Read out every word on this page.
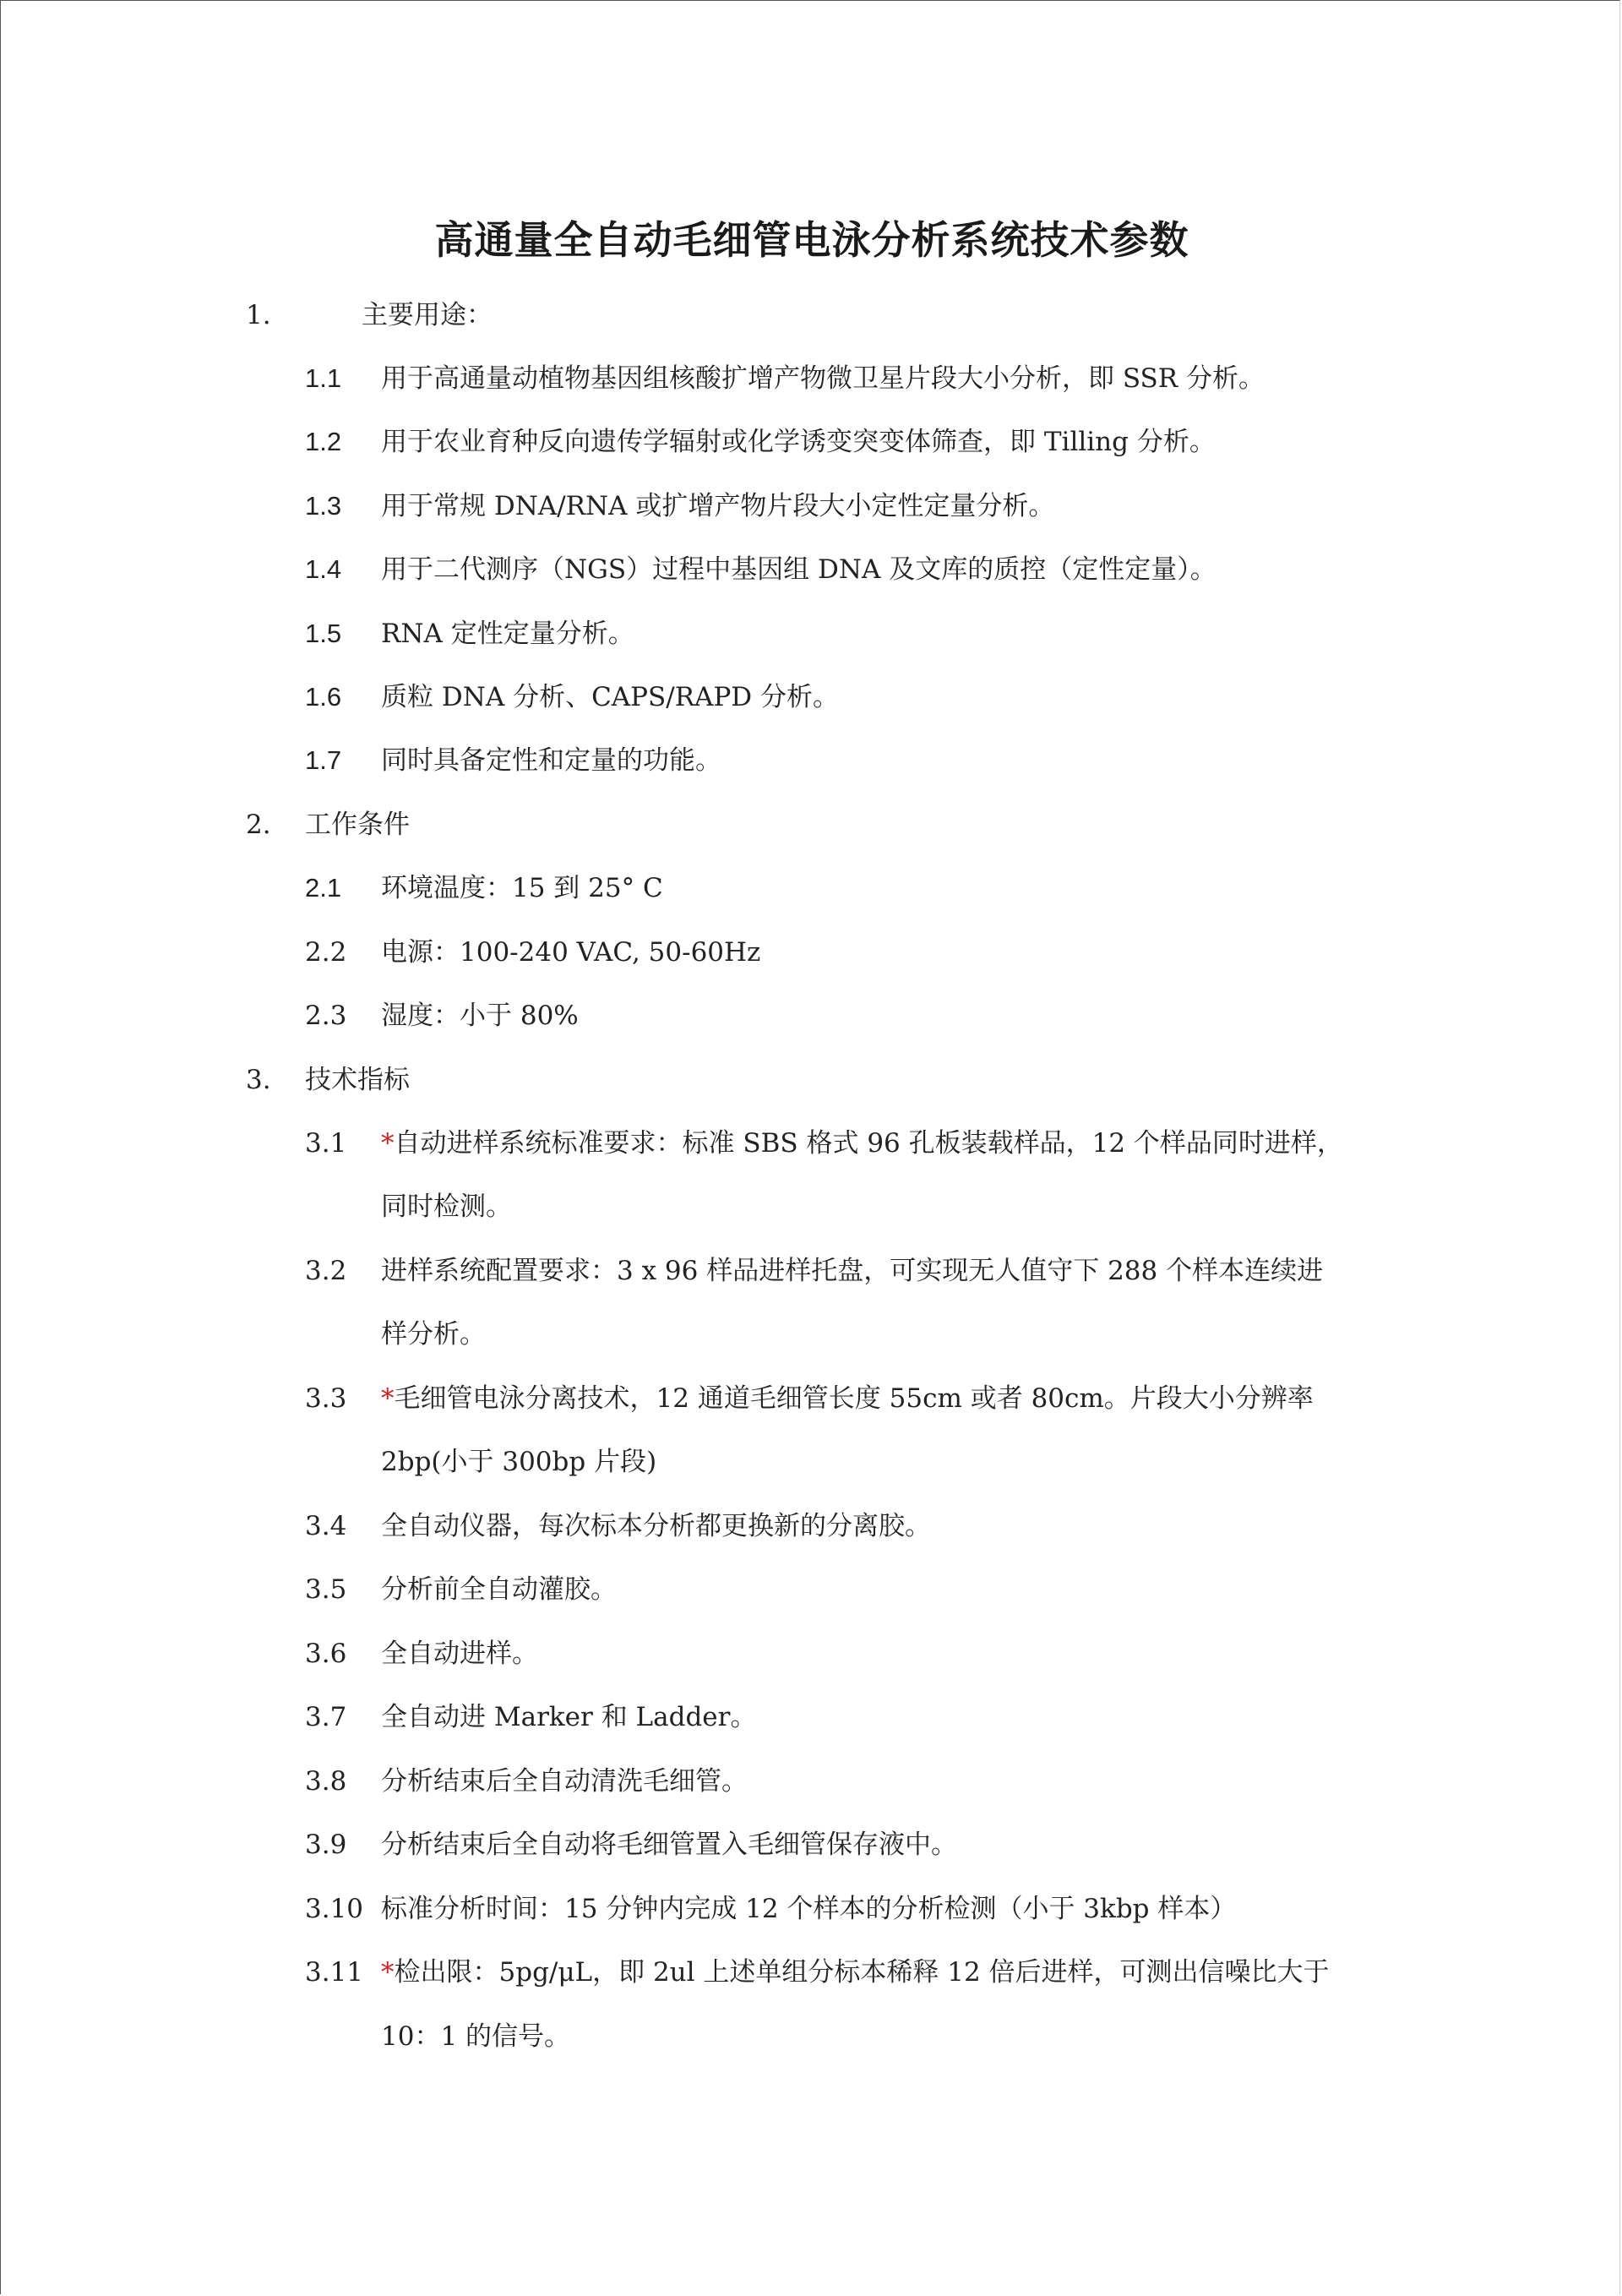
高通量全自动毛细管电泳分析系统技术参数
1.	主要用途：
1.1 用于高通量动植物基因组核酸扩增产物微卫星片段大小分析，即 SSR 分析。
1.2 用于农业育种反向遗传学辐射或化学诱变突变体筛查，即 Tilling 分析。
1.3 用于常规 DNA/RNA 或扩增产物片段大小定性定量分析。
1.4 用于二代测序（NGS）过程中基因组 DNA 及文库的质控（定性定量）。
1.5 RNA 定性定量分析。
1.6 质粒 DNA 分析、CAPS/RAPD 分析。
1.7 同时具备定性和定量的功能。
2. 工作条件
2.1 环境温度：15 到 25° C
2.2 电源：100-240 VAC, 50-60Hz
2.3 湿度：小于 80%
3. 技术指标
3.1 *自动进样系统标准要求：标准 SBS 格式 96 孔板装载样品，12 个样品同时进样，
同时检测。
3.2 进样系统配置要求：3 x 96 样品进样托盘，可实现无人值守下 288 个样本连续进
样分析。
3.3 *毛细管电泳分离技术，12 通道毛细管长度 55cm 或者 80cm。片段大小分辨率
2bp(小于 300bp 片段)
3.4 全自动仪器，每次标本分析都更换新的分离胶。
3.5 分析前全自动灌胶。
3.6 全自动进样。
3.7 全自动进 Marker 和 Ladder。
3.8 分析结束后全自动清洗毛细管。
3.9 分析结束后全自动将毛细管置入毛细管保存液中。
3.10 标准分析时间：15 分钟内完成 12 个样本的分析检测（小于 3kbp 样本）
3.11 *检出限：5pg/μL，即 2ul 上述单组分标本稀释 12 倍后进样，可测出信噪比大于
10：1 的信号。
